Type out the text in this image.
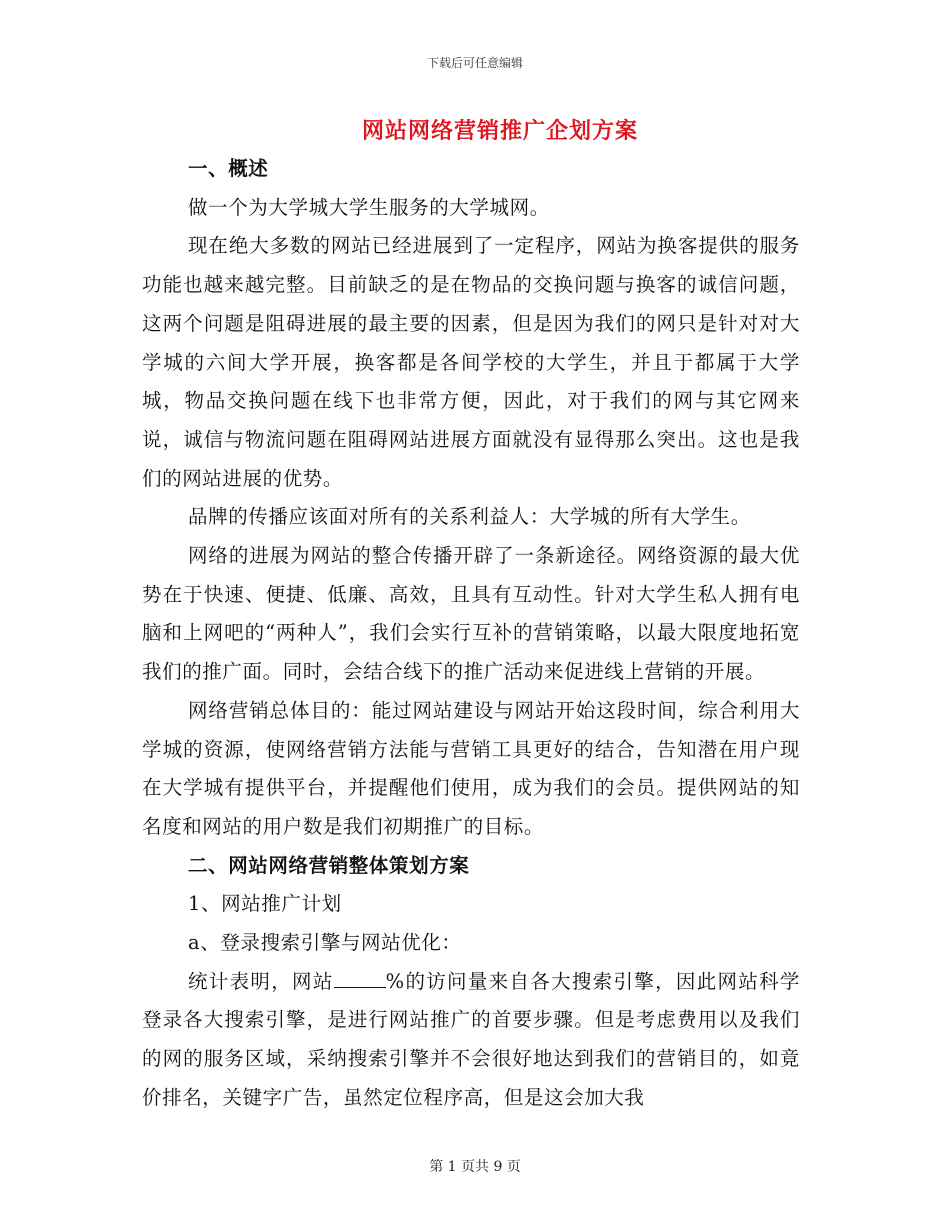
下载后可任意编辑
网站网络营销推广企划方案

一、概述

做一个为大学城大学生服务的大学城网。

现在绝大多数的网站已经进展到了一定程序，网站为换客提供的服务功能也越来越完整。目前缺乏的是在物品的交换问题与换客的诚信问题，这两个问题是阻碍进展的最主要的因素，但是因为我们的网只是针对对大学城的六间大学开展，换客都是各间学校的大学生，并且于都属于大学城，物品交换问题在线下也非常方便，因此，对于我们的网与其它网来说，诚信与物流问题在阻碍网站进展方面就没有显得那么突出。这也是我们的网站进展的优势。

品牌的传播应该面对所有的关系利益人：大学城的所有大学生。

网络的进展为网站的整合传播开辟了一条新途径。网络资源的最大优势在于快速、便捷、低廉、高效，且具有互动性。针对大学生私人拥有电脑和上网吧的“两种人”，我们会实行互补的营销策略，以最大限度地拓宽我们的推广面。同时，会结合线下的推广活动来促进线上营销的开展。

网络营销总体目的：能过网站建设与网站开始这段时间，综合利用大学城的资源，使网络营销方法能与营销工具更好的结合，告知潜在用户现在大学城有提供平台，并提醒他们使用，成为我们的会员。提供网站的知名度和网站的用户数是我们初期推广的目标。

二、网站网络营销整体策划方案

1、网站推广计划

a、登录搜索引擎与网站优化：

统计表明，网站	%的访问量来自各大搜索引擎，因此网站科学登录各大搜索引擎，是进行网站推广的首要步骤。但是考虑费用以及我们的网的服务区域，采纳搜索引擎并不会很好地达到我们的营销目的，如竟价排名，关键字广告，虽然定位程序高，但是这会加大我

第 1 页共 9 页
